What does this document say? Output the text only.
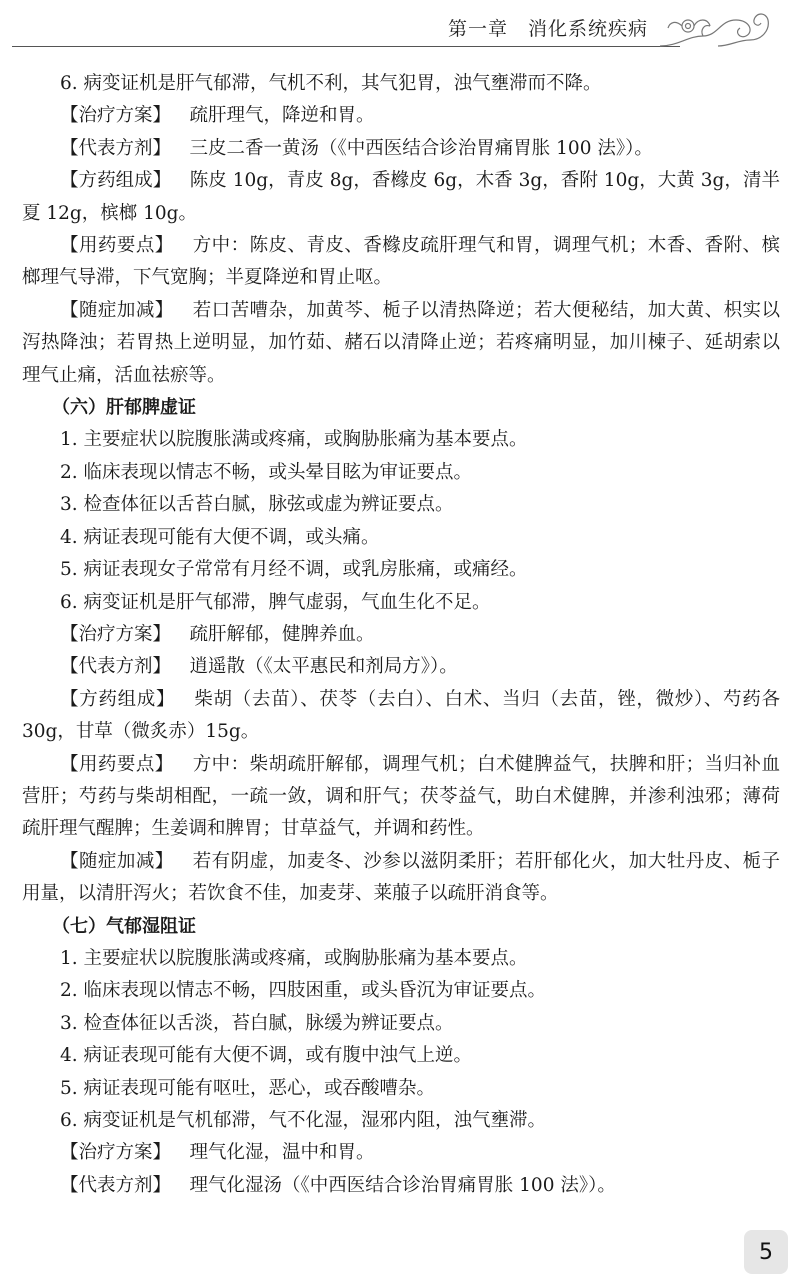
第一章　消化系统疾病

6. 病变证机是肝气郁滞，气机不利，其气犯胃，浊气壅滞而不降。

【治疗方案】  疏肝理气，降逆和胃。

【代表方剂】  三皮二香一黄汤（《中西医结合诊治胃痛胃胀 100 法》）。

【方药组成】  陈皮 10g，青皮 8g，香橼皮 6g，木香 3g，香附 10g，大黄 3g，清半夏 12g，槟榔 10g。

【用药要点】  方中：陈皮、青皮、香橼皮疏肝理气和胃，调理气机；木香、香附、槟榔理气导滞，下气宽胸；半夏降逆和胃止呕。

【随症加减】  若口苦嘈杂，加黄芩、栀子以清热降逆；若大便秘结，加大黄、枳实以泻热降浊；若胃热上逆明显，加竹茹、赭石以清降止逆；若疼痛明显，加川楝子、延胡索以理气止痛，活血祛瘀等。

（六）肝郁脾虚证

1. 主要症状以脘腹胀满或疼痛，或胸胁胀痛为基本要点。

2. 临床表现以情志不畅，或头晕目眩为审证要点。

3. 检查体征以舌苔白腻，脉弦或虚为辨证要点。

4. 病证表现可能有大便不调，或头痛。

5. 病证表现女子常常有月经不调，或乳房胀痛，或痛经。

6. 病变证机是肝气郁滞，脾气虚弱，气血生化不足。

【治疗方案】  疏肝解郁，健脾养血。

【代表方剂】  逍遥散（《太平惠民和剂局方》）。

【方药组成】  柴胡（去苗）、茯苓（去白）、白术、当归（去苗，锉，微炒）、芍药各 30g，甘草（微炙赤）15g。

【用药要点】  方中：柴胡疏肝解郁，调理气机；白术健脾益气，扶脾和肝；当归补血营肝；芍药与柴胡相配，一疏一敛，调和肝气；茯苓益气，助白术健脾，并渗利浊邪；薄荷疏肝理气醒脾；生姜调和脾胃；甘草益气，并调和药性。

【随症加减】  若有阴虚，加麦冬、沙参以滋阴柔肝；若肝郁化火，加大牡丹皮、栀子用量，以清肝泻火；若饮食不佳，加麦芽、莱菔子以疏肝消食等。

（七）气郁湿阻证

1. 主要症状以脘腹胀满或疼痛，或胸胁胀痛为基本要点。

2. 临床表现以情志不畅，四肢困重，或头昏沉为审证要点。

3. 检查体征以舌淡，苔白腻，脉缓为辨证要点。

4. 病证表现可能有大便不调，或有腹中浊气上逆。

5. 病证表现可能有呕吐，恶心，或吞酸嘈杂。

6. 病变证机是气机郁滞，气不化湿，湿邪内阻，浊气壅滞。

【治疗方案】  理气化湿，温中和胃。

【代表方剂】  理气化湿汤（《中西医结合诊治胃痛胃胀 100 法》）。

5
